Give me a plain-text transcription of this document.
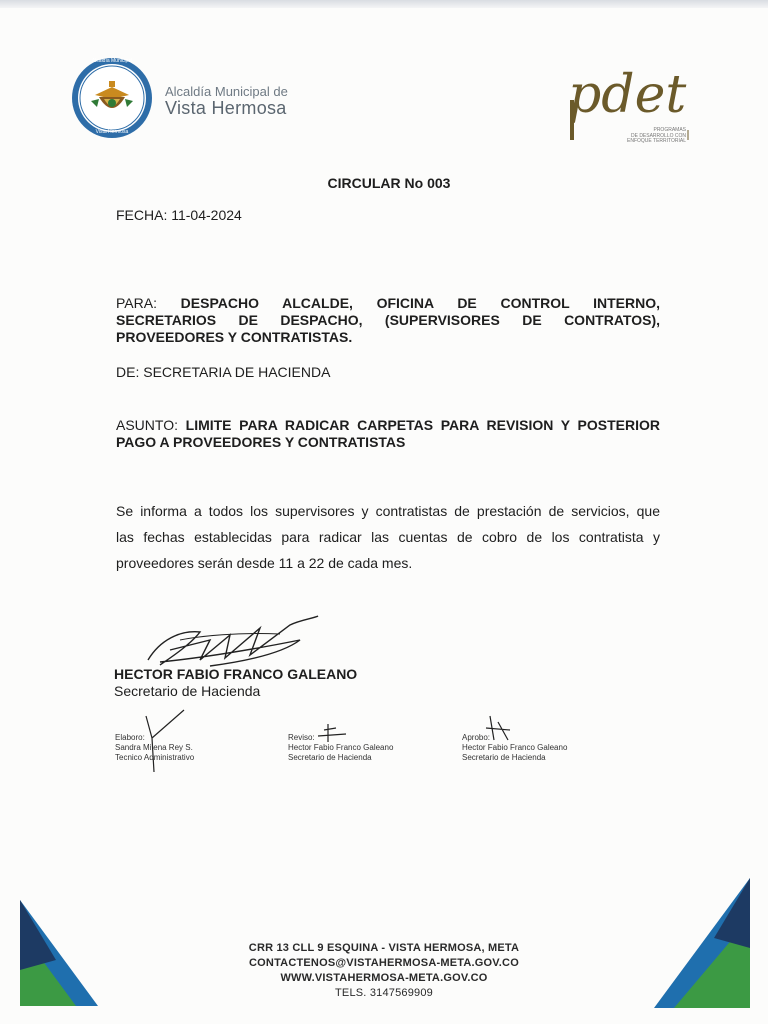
Alcaldía Municipal
Vista Hermosa
Alcaldía Municipal de
Vista Hermosa	pdet
PROGRAMAS
DE DESARROLLO CON
ENFOQUE TERRITORIAL
CIRCULAR No 003
FECHA: 11-04-2024
PARA: DESPACHO ALCALDE, OFICINA DE CONTROL INTERNO,
SECRETARIOS DE DESPACHO, (SUPERVISORES DE CONTRATOS),
PROVEEDORES Y CONTRATISTAS.
DE: SECRETARIA DE HACIENDA
ASUNTO: LIMITE PARA RADICAR CARPETAS PARA REVISION Y POSTERIOR
PAGO A PROVEEDORES Y CONTRATISTAS
Se informa a todos los supervisores y contratistas de prestación de servicios, que
las fechas establecidas para radicar las cuentas de cobro de los contratista y
proveedores serán desde 11 a 22 de cada mes.
HECTOR FABIO FRANCO GALEANO
Secretario de Hacienda
Elaboro:
Sandra Milena Rey S.
Tecnico Administrativo
Reviso:
Hector Fabio Franco Galeano
Secretario de Hacienda
Aprobo:
Hector Fabio Franco Galeano
Secretario de Hacienda
CRR 13 CLL 9 ESQUINA - VISTA HERMOSA, META
CONTACTENOS@VISTAHERMOSA-META.GOV.CO
WWW.VISTAHERMOSA-META.GOV.CO
TELS. 3147569909
